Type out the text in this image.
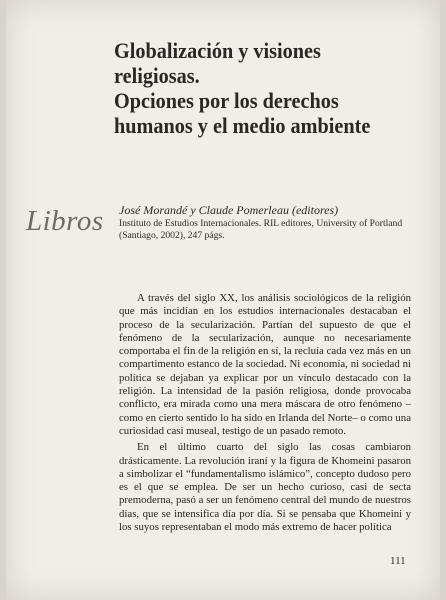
Globalización y visiones religiosas.
Opciones por los derechos
humanos y el medio ambiente
Libros José Morandé y Claude Pomerleau (editores)
Instituto de Estudios Internacionales. RIL editores, University of Portland (Santiago, 2002), 247 págs.

A través del siglo XX, los análisis sociológicos de la religión que más incidían en los estudios internacionales destacaban el proceso de la secularización. Partían del supuesto de que el fenómeno de la secularización, aunque no necesariamente comportaba el fin de la religión en sí, la recluía cada vez más en un compartimento estanco de la sociedad. Ni economía, ni sociedad ni política se dejaban ya explicar por un vínculo destacado con la religión. La intensidad de la pasión religiosa, donde provocaba conflicto, era mirada como una mera máscara de otro fenómeno –como en cierto sentido lo ha sido en Irlanda del Norte– o como una curiosidad casi museal, testigo de un pasado remoto.

En el último cuarto del siglo las cosas cambiaron drásticamente. La revolución iraní y la figura de Khomeini pasaron a simbolizar el “fundamentalismo islámico”, concepto dudoso pero es el que se emplea. De ser un hecho curioso, casi de secta premoderna, pasó a ser un fenómeno central del mundo de nuestros días, que se intensifica día por día. Si se pensaba que Khomeini y los suyos representaban el modo más extremo de hacer política

111
